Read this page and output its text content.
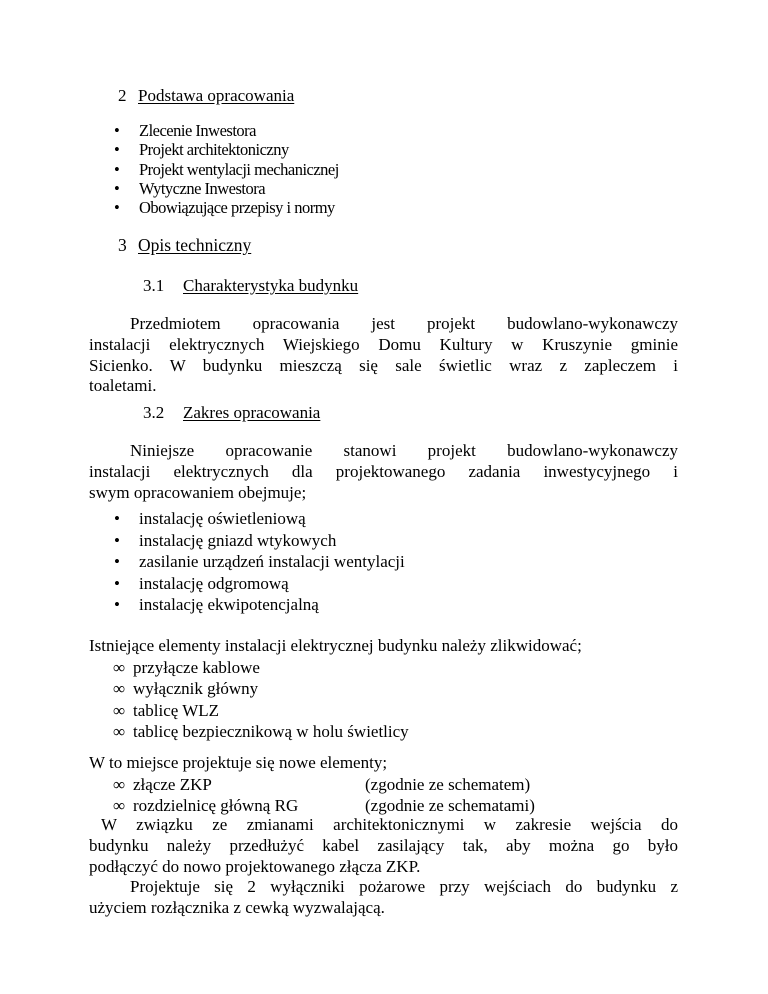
2 Podstawa opracowania
• Zlecenie Inwestora
• Projekt architektoniczny
• Projekt wentylacji mechanicznej
• Wytyczne Inwestora
• Obowiązujące przepisy i normy
3 Opis techniczny
3.1 Charakterystyka budynku
Przedmiotem opracowania jest projekt budowlano-wykonawczy
instalacji elektrycznych Wiejskiego Domu Kultury w Kruszynie gminie
Sicienko. W budynku mieszczą się sale świetlic wraz z zapleczem i
toaletami.
3.2 Zakres opracowania
Niniejsze opracowanie stanowi projekt budowlano-wykonawczy
instalacji elektrycznych dla projektowanego zadania inwestycyjnego i
swym opracowaniem obejmuje;
• instalację oświetleniową
• instalację gniazd wtykowych
• zasilanie urządzeń instalacji wentylacji
• instalację odgromową
• instalację ekwipotencjalną
Istniejące elementy instalacji elektrycznej budynku należy zlikwidować;
∞ przyłącze kablowe
∞ wyłącznik główny
∞ tablicę WLZ
∞ tablicę bezpiecznikową w holu świetlicy
W to miejsce projektuje się nowe elementy;
∞ złącze ZKP	(zgodnie ze schematem)
∞ rozdzielnicę główną RG	(zgodnie ze schematami)
W związku ze zmianami architektonicznymi w zakresie wejścia do
budynku należy przedłużyć kabel zasilający tak, aby można go było
podłączyć do nowo projektowanego złącza ZKP.
Projektuje się 2 wyłączniki pożarowe przy wejściach do budynku z
użyciem rozłącznika z cewką wyzwalającą.
